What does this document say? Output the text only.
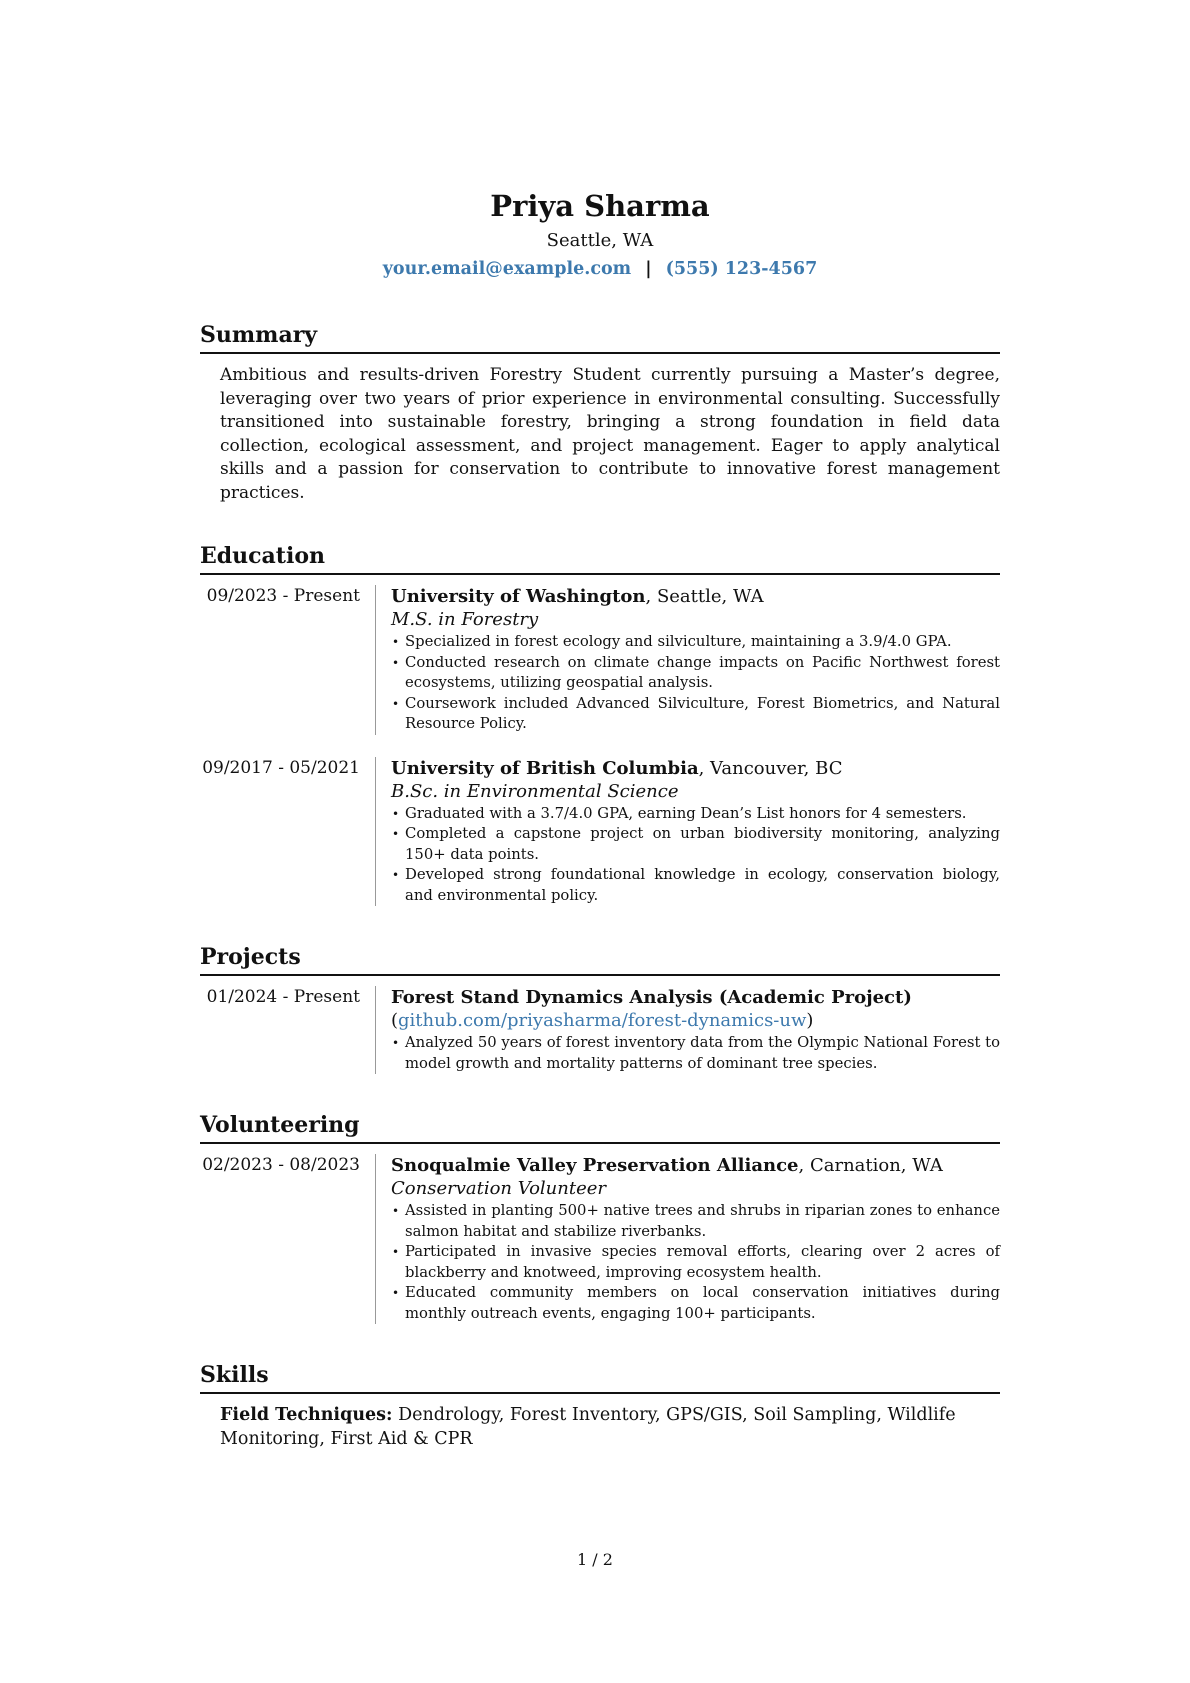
Priya Sharma
Seattle, WA
your.email@example.com | (555) 123-4567
Summary
Ambitious and results-driven Forestry Student currently pursuing a Master’s degree, leveraging over two years of prior experience in environmental consulting. Successfully transitioned into sustainable forestry, bringing a strong foundation in field data collection, ecological assessment, and project management. Eager to apply analytical skills and a passion for conservation to contribute to innovative forest management practices.
Education
09/2023 - Present	University of Washington, Seattle, WA
M.S. in Forestry
• Specialized in forest ecology and silviculture, maintaining a 3.9/4.0 GPA.
• Conducted research on climate change impacts on Pacific Northwest forest ecosystems, utilizing geospatial analysis.
• Coursework included Advanced Silviculture, Forest Biometrics, and Natural Resource Policy.
09/2017 - 05/2021	University of British Columbia, Vancouver, BC
B.Sc. in Environmental Science
• Graduated with a 3.7/4.0 GPA, earning Dean’s List honors for 4 semesters.
• Completed a capstone project on urban biodiversity monitoring, analyzing 150+ data points.
• Developed strong foundational knowledge in ecology, conservation biology, and environmental policy.
Projects
01/2024 - Present	Forest Stand Dynamics Analysis (Academic Project) (github.com/priyasharma/forest-dynamics-uw)
• Analyzed 50 years of forest inventory data from the Olympic National Forest to model growth and mortality patterns of dominant tree species.
Volunteering
02/2023 - 08/2023	Snoqualmie Valley Preservation Alliance, Carnation, WA
Conservation Volunteer
• Assisted in planting 500+ native trees and shrubs in riparian zones to enhance salmon habitat and stabilize riverbanks.
• Participated in invasive species removal efforts, clearing over 2 acres of blackberry and knotweed, improving ecosystem health.
• Educated community members on local conservation initiatives during monthly outreach events, engaging 100+ participants.
Skills
Field Techniques: Dendrology, Forest Inventory, GPS/GIS, Soil Sampling, Wildlife Monitoring, First Aid & CPR
1 / 2
